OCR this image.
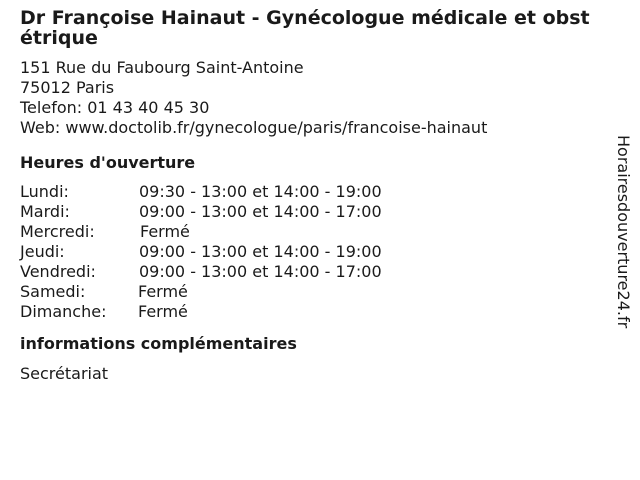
Dr Françoise Hainaut - Gynécologue médicale et obstétrique
151 Rue du Faubourg Saint-Antoine
75012 Paris
Telefon: 01 43 40 45 30
Web: www.doctolib.fr/gynecologue/paris/francoise-hainaut
Heures d'ouverture
Lundi:	09:30 - 13:00 et 14:00 - 19:00
Mardi:	09:00 - 13:00 et 14:00 - 17:00
Mercredi:	Fermé
Jeudi:	09:00 - 13:00 et 14:00 - 19:00
Vendredi:	09:00 - 13:00 et 14:00 - 17:00
Samedi:	Fermé
Dimanche:	Fermé
informations complémentaires
Secrétariat
Horairesdouverture24.fr
